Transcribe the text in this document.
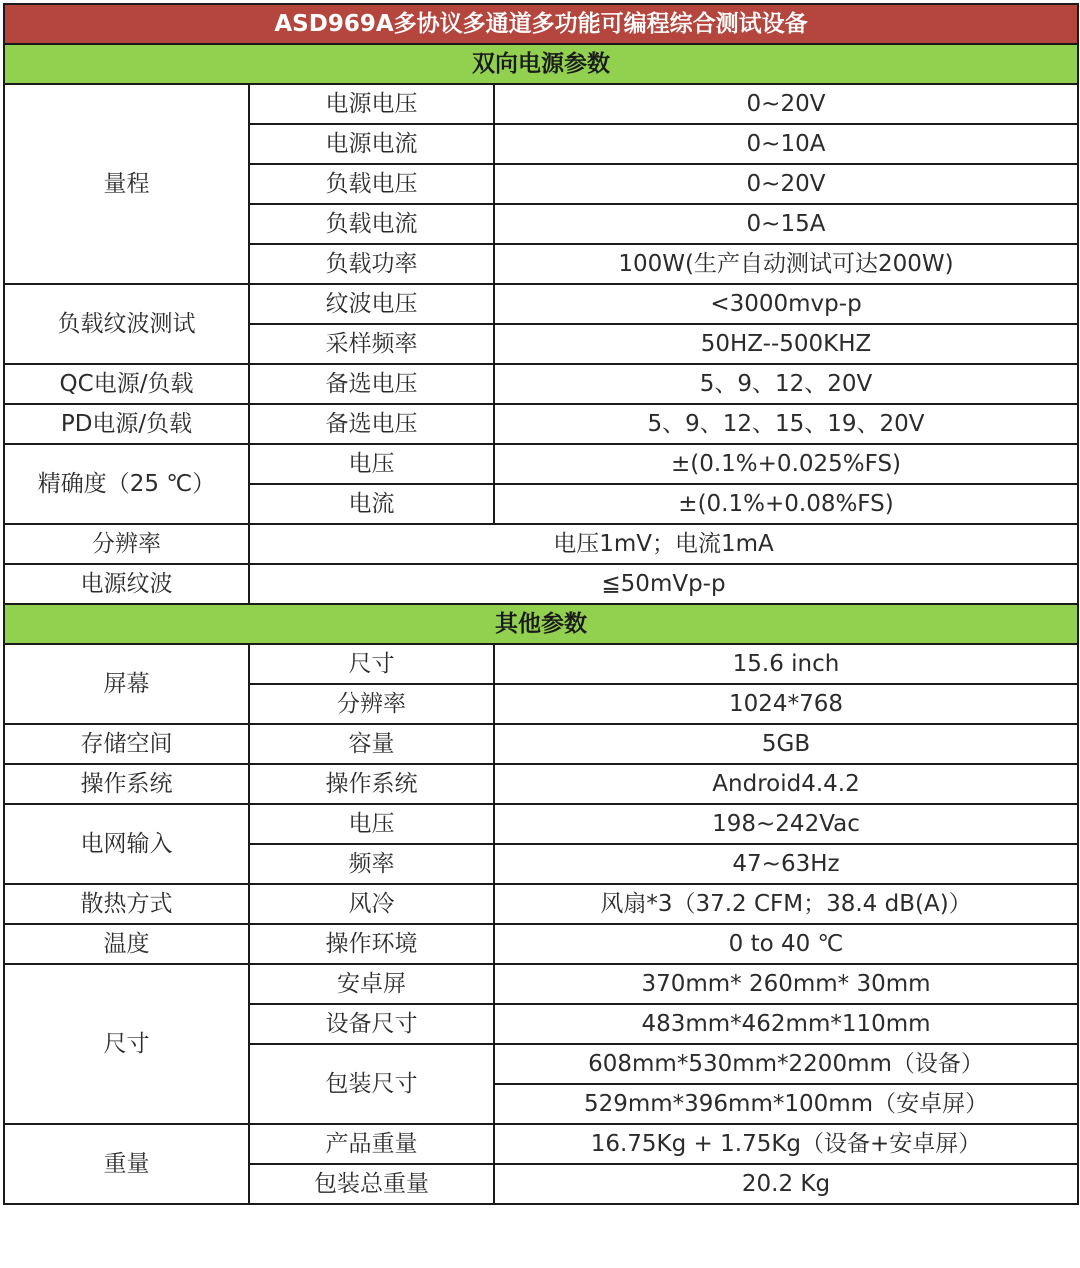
ASD969A多协议多通道多功能可编程综合测试设备		
双向电源参数		
量程	电源电压	0~20V
	电源电流	0~10A
	负载电压	0~20V
	负载电流	0~15A
	负载功率	100W(生产自动测试可达200W)
负载纹波测试	纹波电压	<3000mvp-p
	采样频率	50HZ--500KHZ
QC电源/负载	备选电压	5、9、12、20V
PD电源/负载	备选电压	5、9、12、15、19、20V
精确度（25 ℃）	电压	±(0.1%+0.025%FS)
	电流	±(0.1%+0.08%FS)
分辨率	电压1mV；电流1mA	
电源纹波	≦50mVp-p	
其他参数		
屏幕	尺寸	15.6 inch
	分辨率	1024*768
存储空间	容量	5GB
操作系统	操作系统	Android4.4.2
电网输入	电压	198~242Vac
	频率	47~63Hz
散热方式	风冷	风扇*3（37.2 CFM；38.4 dB(A)）
温度	操作环境	0 to 40 ℃
尺寸	安卓屏	370mm* 260mm* 30mm
	设备尺寸	483mm*462mm*110mm
	包装尺寸	608mm*530mm*2200mm（设备）
		529mm*396mm*100mm（安卓屏）
重量	产品重量	16.75Kg + 1.75Kg（设备+安卓屏）
	包装总重量	20.2 Kg
